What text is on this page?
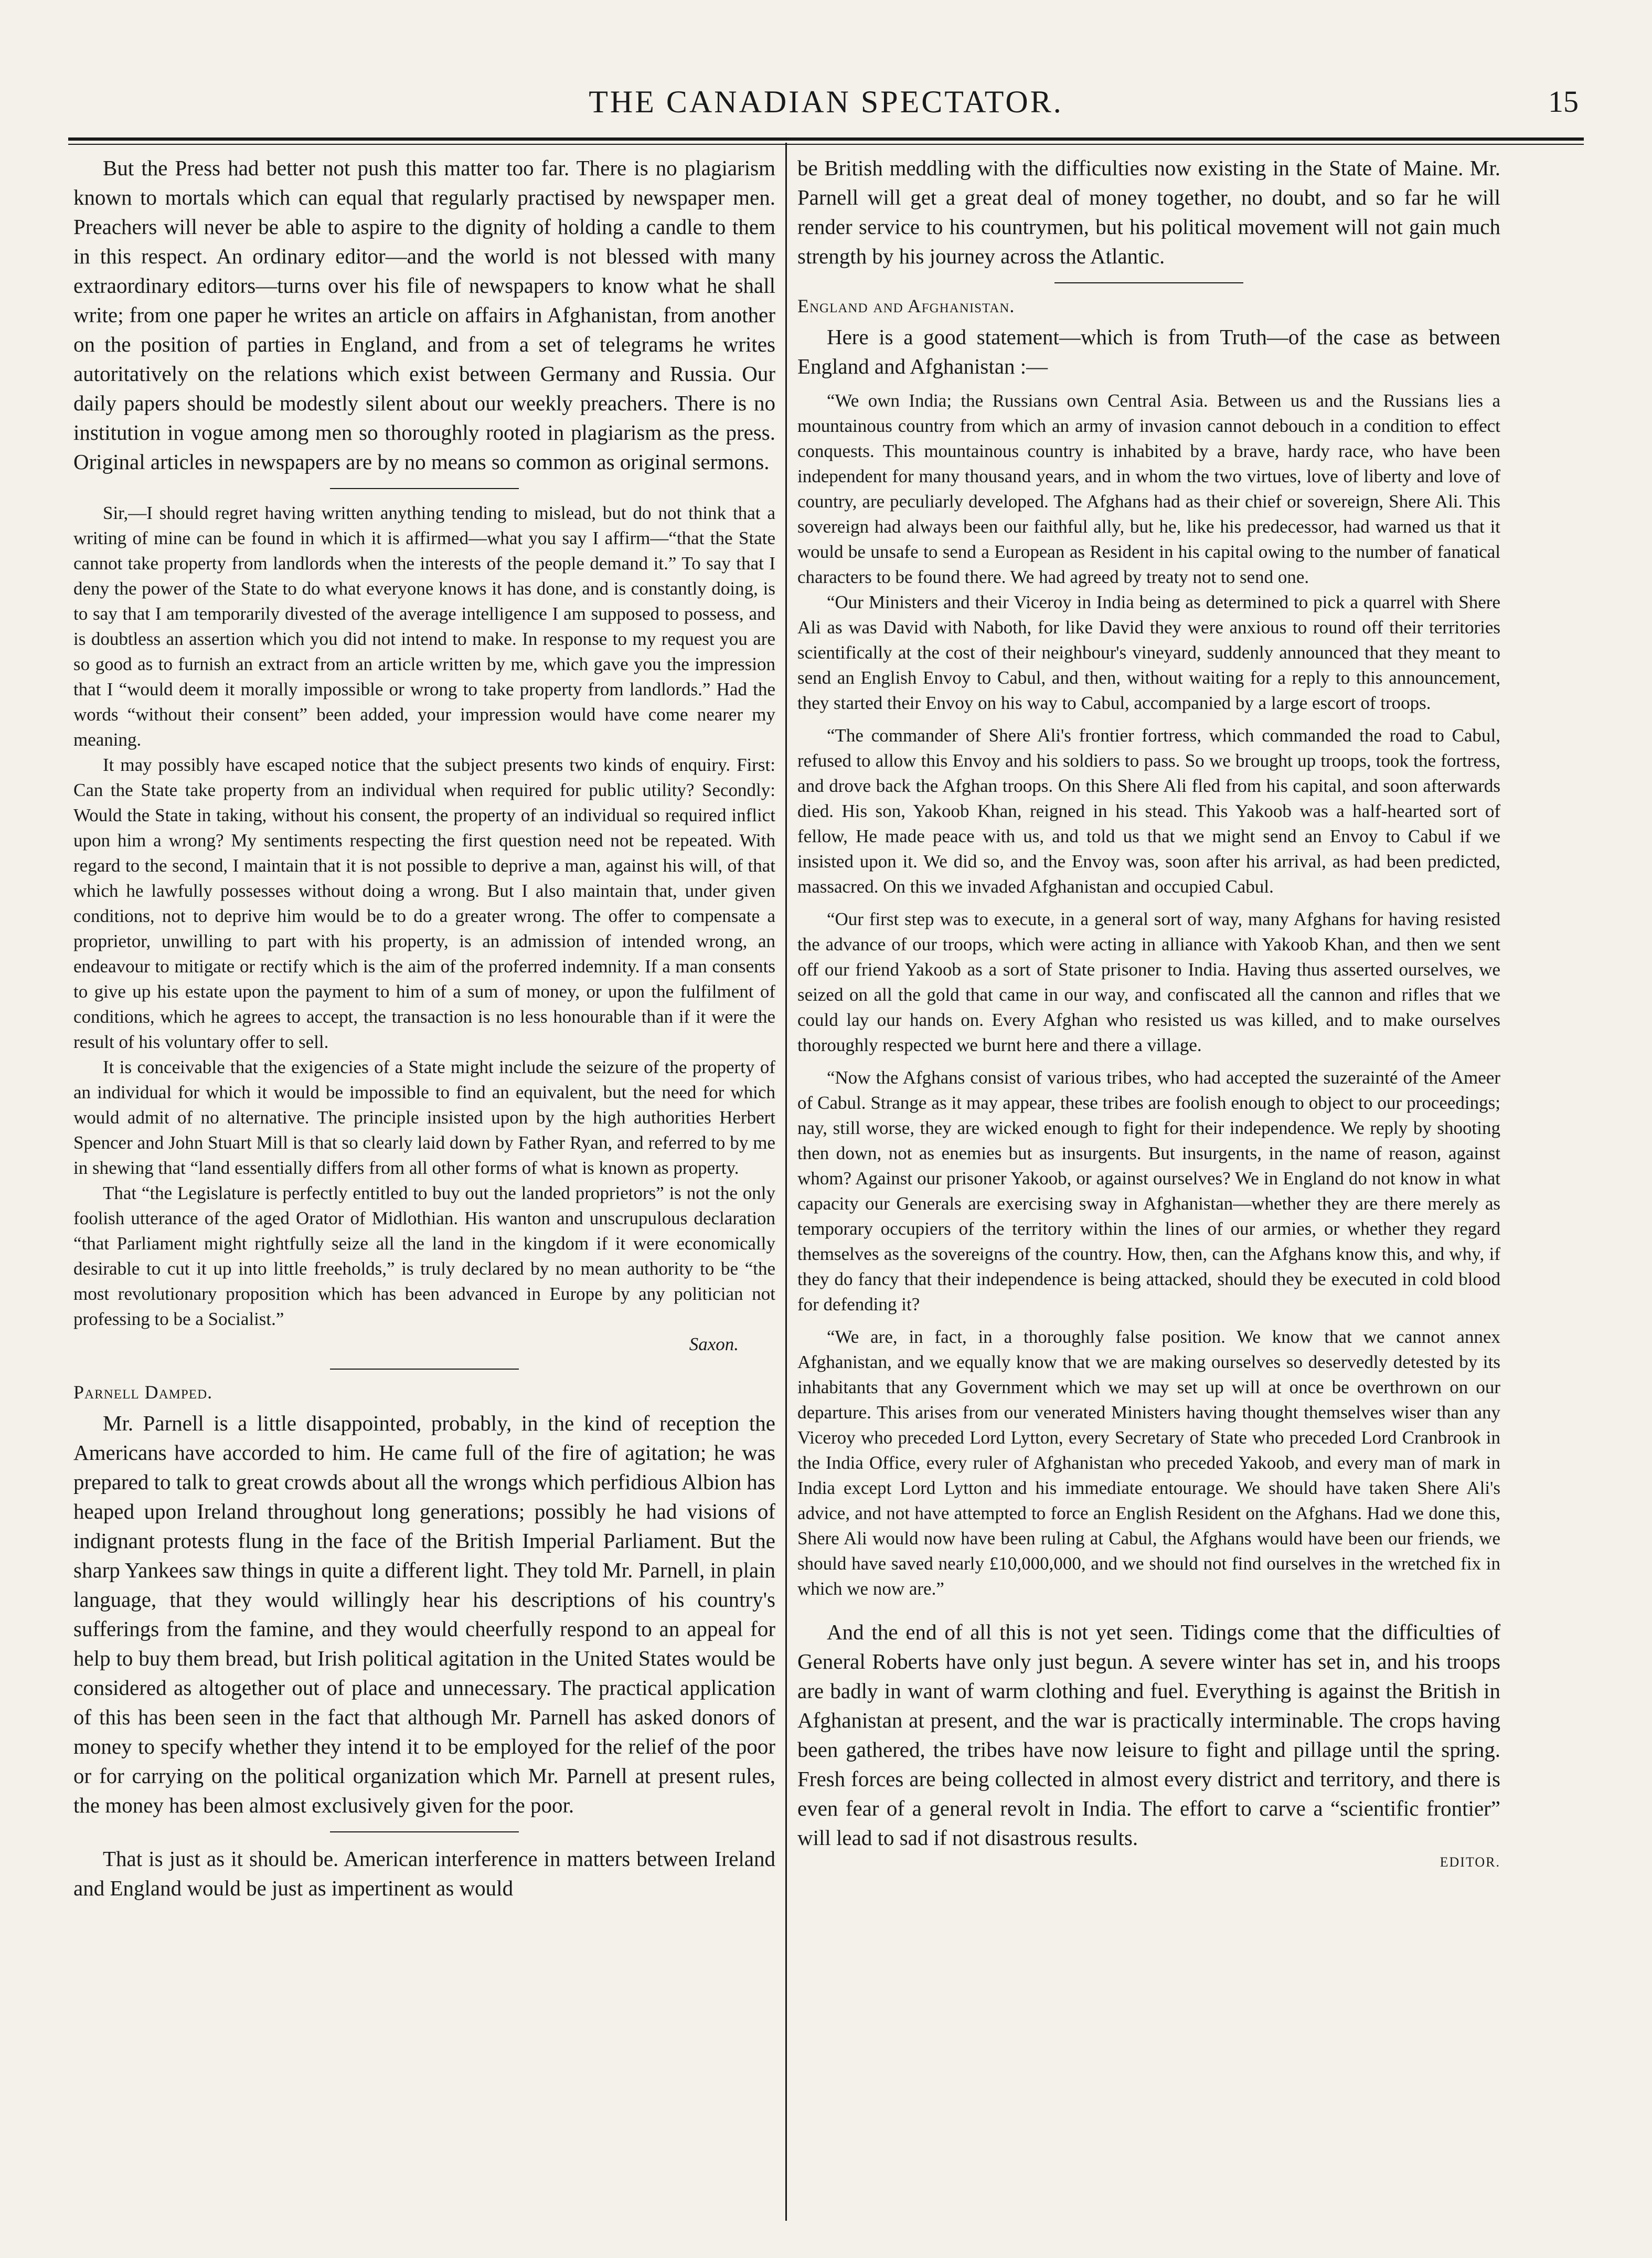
THE CANADIAN SPECTATOR.	15

But the Press had better not push this matter too far. There is no plagiarism known to mortals which can equal that regularly practised by newspaper men. Preachers will never be able to aspire to the dignity of holding a candle to them in this respect. An ordinary editor—and the world is not blessed with many extraordinary editors—turns over his file of newspapers to know what he shall write; from one paper he writes an article on affairs in Afghanistan, from another on the position of parties in England, and from a set of telegrams he writes autoritatively on the relations which exist between Germany and Russia. Our daily papers should be modestly silent about our weekly preachers. There is no institution in vogue among men so thoroughly rooted in plagiarism as the press. Original articles in newspapers are by no means so common as original sermons.

Sir,—I should regret having written anything tending to mislead, but do not think that a writing of mine can be found in which it is affirmed—what you say I affirm—“that the State cannot take property from landlords when the interests of the people demand it.” To say that I deny the power of the State to do what everyone knows it has done, and is constantly doing, is to say that I am temporarily divested of the average intelligence I am supposed to possess, and is doubtless an assertion which you did not intend to make. In response to my request you are so good as to furnish an extract from an article written by me, which gave you the impression that I “would deem it morally impossible or wrong to take property from landlords.” Had the words “without their consent” been added, your impression would have come nearer my meaning.

It may possibly have escaped notice that the subject presents two kinds of enquiry. First: Can the State take property from an individual when required for public utility? Secondly: Would the State in taking, without his consent, the property of an individual so required inflict upon him a wrong? My sentiments respecting the first question need not be repeated. With regard to the second, I maintain that it is not possible to deprive a man, against his will, of that which he lawfully possesses without doing a wrong. But I also maintain that, under given conditions, not to deprive him would be to do a greater wrong. The offer to compensate a proprietor, unwilling to part with his property, is an admission of intended wrong, an endeavour to mitigate or rectify which is the aim of the proferred indemnity. If a man consents to give up his estate upon the payment to him of a sum of money, or upon the fulfilment of conditions, which he agrees to accept, the transaction is no less honourable than if it were the result of his voluntary offer to sell.

It is conceivable that the exigencies of a State might include the seizure of the property of an individual for which it would be impossible to find an equivalent, but the need for which would admit of no alternative. The principle insisted upon by the high authorities Herbert Spencer and John Stuart Mill is that so clearly laid down by Father Ryan, and referred to by me in shewing that “land essentially differs from all other forms of what is known as property.

That “the Legislature is perfectly entitled to buy out the landed proprietors” is not the only foolish utterance of the aged Orator of Midlothian. His wanton and unscrupulous declaration “that Parliament might rightfully seize all the land in the kingdom if it were economically desirable to cut it up into little freeholds,” is truly declared by no mean authority to be “the most revolutionary proposition which has been advanced in Europe by any politician not professing to be a Socialist.”

Saxon.
Parnell Damped.

Mr. Parnell is a little disappointed, probably, in the kind of reception the Americans have accorded to him. He came full of the fire of agitation; he was prepared to talk to great crowds about all the wrongs which perfidious Albion has heaped upon Ireland throughout long generations; possibly he had visions of indignant protests flung in the face of the British Imperial Parliament. But the sharp Yankees saw things in quite a different light. They told Mr. Parnell, in plain language, that they would willingly hear his descriptions of his country's sufferings from the famine, and they would cheerfully respond to an appeal for help to buy them bread, but Irish political agitation in the United States would be considered as altogether out of place and unnecessary. The practical application of this has been seen in the fact that although Mr. Parnell has asked donors of money to specify whether they intend it to be employed for the relief of the poor or for carrying on the political organization which Mr. Parnell at present rules, the money has been almost exclusively given for the poor.

That is just as it should be. American interference in matters between Ireland and England would be just as impertinent as would

be British meddling with the difficulties now existing in the State of Maine. Mr. Parnell will get a great deal of money together, no doubt, and so far he will render service to his countrymen, but his political movement will not gain much strength by his journey across the Atlantic.

England and Afghanistan.

Here is a good statement—which is from Truth—of the case as between England and Afghanistan :—

“We own India; the Russians own Central Asia. Between us and the Russians lies a mountainous country from which an army of invasion cannot debouch in a condition to effect conquests. This mountainous country is inhabited by a brave, hardy race, who have been independent for many thousand years, and in whom the two virtues, love of liberty and love of country, are peculiarly developed. The Afghans had as their chief or sovereign, Shere Ali. This sovereign had always been our faithful ally, but he, like his predecessor, had warned us that it would be unsafe to send a European as Resident in his capital owing to the number of fanatical characters to be found there. We had agreed by treaty not to send one.

“Our Ministers and their Viceroy in India being as determined to pick a quarrel with Shere Ali as was David with Naboth, for like David they were anxious to round off their territories scientifically at the cost of their neighbour's vineyard, suddenly announced that they meant to send an English Envoy to Cabul, and then, without waiting for a reply to this announcement, they started their Envoy on his way to Cabul, accompanied by a large escort of troops.

“The commander of Shere Ali's frontier fortress, which commanded the road to Cabul, refused to allow this Envoy and his soldiers to pass. So we brought up troops, took the fortress, and drove back the Afghan troops. On this Shere Ali fled from his capital, and soon afterwards died. His son, Yakoob Khan, reigned in his stead. This Yakoob was a half-hearted sort of fellow, He made peace with us, and told us that we might send an Envoy to Cabul if we insisted upon it. We did so, and the Envoy was, soon after his arrival, as had been predicted, massacred. On this we invaded Afghanistan and occupied Cabul.

“Our first step was to execute, in a general sort of way, many Afghans for having resisted the advance of our troops, which were acting in alliance with Yakoob Khan, and then we sent off our friend Yakoob as a sort of State prisoner to India. Having thus asserted ourselves, we seized on all the gold that came in our way, and confiscated all the cannon and rifles that we could lay our hands on. Every Afghan who resisted us was killed, and to make ourselves thoroughly respected we burnt here and there a village.

“Now the Afghans consist of various tribes, who had accepted the suzerainté of the Ameer of Cabul. Strange as it may appear, these tribes are foolish enough to object to our proceedings; nay, still worse, they are wicked enough to fight for their independence. We reply by shooting then down, not as enemies but as insurgents. But insurgents, in the name of reason, against whom? Against our prisoner Yakoob, or against ourselves? We in England do not know in what capacity our Generals are exercising sway in Afghanistan—whether they are there merely as temporary occupiers of the territory within the lines of our armies, or whether they regard themselves as the sovereigns of the country. How, then, can the Afghans know this, and why, if they do fancy that their independence is being attacked, should they be executed in cold blood for defending it?

“We are, in fact, in a thoroughly false position. We know that we cannot annex Afghanistan, and we equally know that we are making ourselves so deservedly detested by its inhabitants that any Government which we may set up will at once be overthrown on our departure. This arises from our venerated Ministers having thought themselves wiser than any Viceroy who preceded Lord Lytton, every Secretary of State who preceded Lord Cranbrook in the India Office, every ruler of Afghanistan who preceded Yakoob, and every man of mark in India except Lord Lytton and his immediate entourage. We should have taken Shere Ali's advice, and not have attempted to force an English Resident on the Afghans. Had we done this, Shere Ali would now have been ruling at Cabul, the Afghans would have been our friends, we should have saved nearly £10,000,000, and we should not find ourselves in the wretched fix in which we now are.”

And the end of all this is not yet seen. Tidings come that the difficulties of General Roberts have only just begun. A severe winter has set in, and his troops are badly in want of warm clothing and fuel. Everything is against the British in Afghanistan at present, and the war is practically interminable. The crops having been gathered, the tribes have now leisure to fight and pillage until the spring. Fresh forces are being collected in almost every district and territory, and there is even fear of a general revolt in India. The effort to carve a “scientific frontier” will lead to sad if not disastrous results.

EDITOR.
